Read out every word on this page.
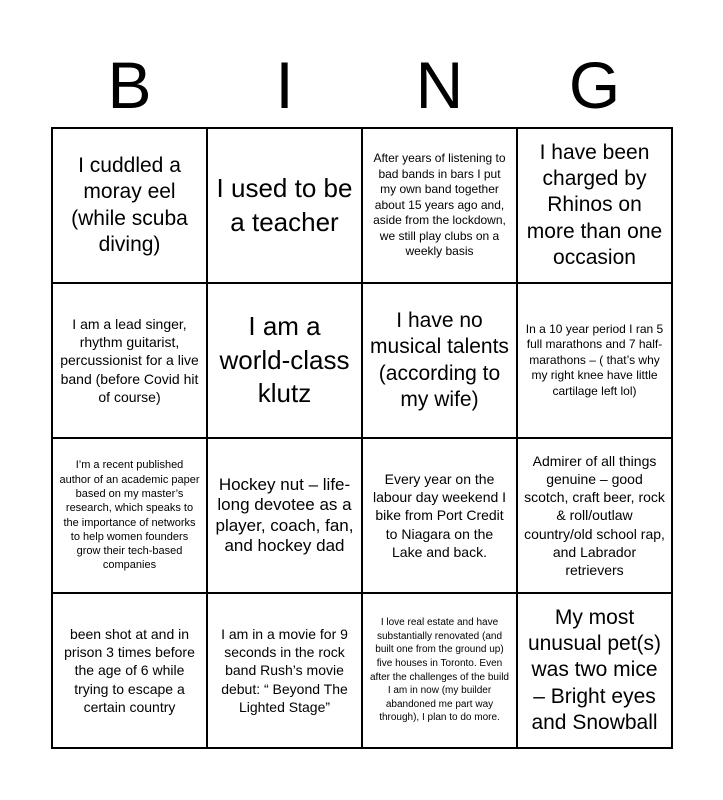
B	I	N	G
I cuddled a moray eel (while scuba diving)
I used to be a teacher
After years of listening to bad bands in bars I put my own band together about 15 years ago and, aside from the lockdown, we still play clubs on a weekly basis
I have been charged by Rhinos on more than one occasion
I am a lead singer, rhythm guitarist, percussionist for a live band (before Covid hit of course)
I am a world-class klutz
I have no musical talents (according to my wife)
In a 10 year period I ran 5 full marathons and 7 half-marathons – ( that’s why my right knee have little cartilage left lol)
I’m a recent published author of an academic paper based on my master’s research, which speaks to the importance of networks to help women founders grow their tech-based companies
Hockey nut – life-long devotee as a player, coach, fan, and hockey dad
Every year on the labour day weekend I bike from Port Credit to Niagara on the Lake and back.
Admirer of all things genuine – good scotch, craft beer, rock & roll/outlaw country/old school rap, and Labrador retrievers
been shot at and in prison 3 times before the age of 6 while trying to escape a certain country
I am in a movie for 9 seconds in the rock band Rush’s movie debut: “ Beyond The Lighted Stage”
I love real estate and have substantially renovated (and built one from the ground up) five houses in Toronto. Even after the challenges of the build I am in now (my builder abandoned me part way through), I plan to do more.
My most unusual pet(s) was two mice – Bright eyes and Snowball
